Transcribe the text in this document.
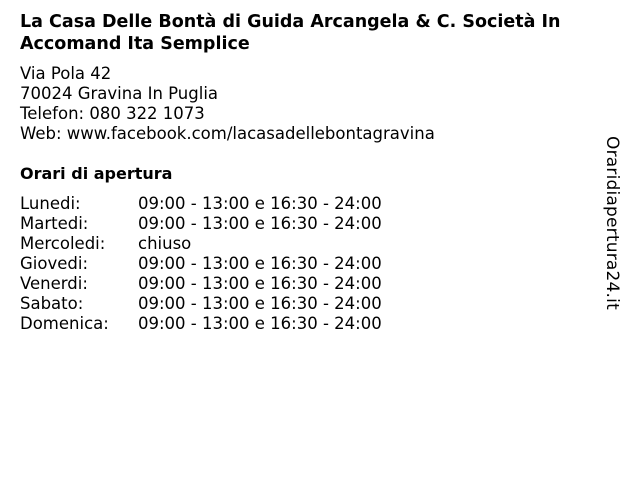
La Casa Delle Bontà di Guida Arcangela & C. Società In Accomand Ita Semplice
Via Pola 42
70024 Gravina In Puglia
Telefon: 080 322 1073
Web: www.facebook.com/lacasadellebontagravina
Orari di apertura
Lunedi:	09:00 - 13:00 e 16:30 - 24:00
Martedi:	09:00 - 13:00 e 16:30 - 24:00
Mercoledi: chiuso
Giovedi:	09:00 - 13:00 e 16:30 - 24:00
Venerdi:	09:00 - 13:00 e 16:30 - 24:00
Sabato:	09:00 - 13:00 e 16:30 - 24:00
Domenica: 09:00 - 13:00 e 16:30 - 24:00
Oraridiapertura24.it
